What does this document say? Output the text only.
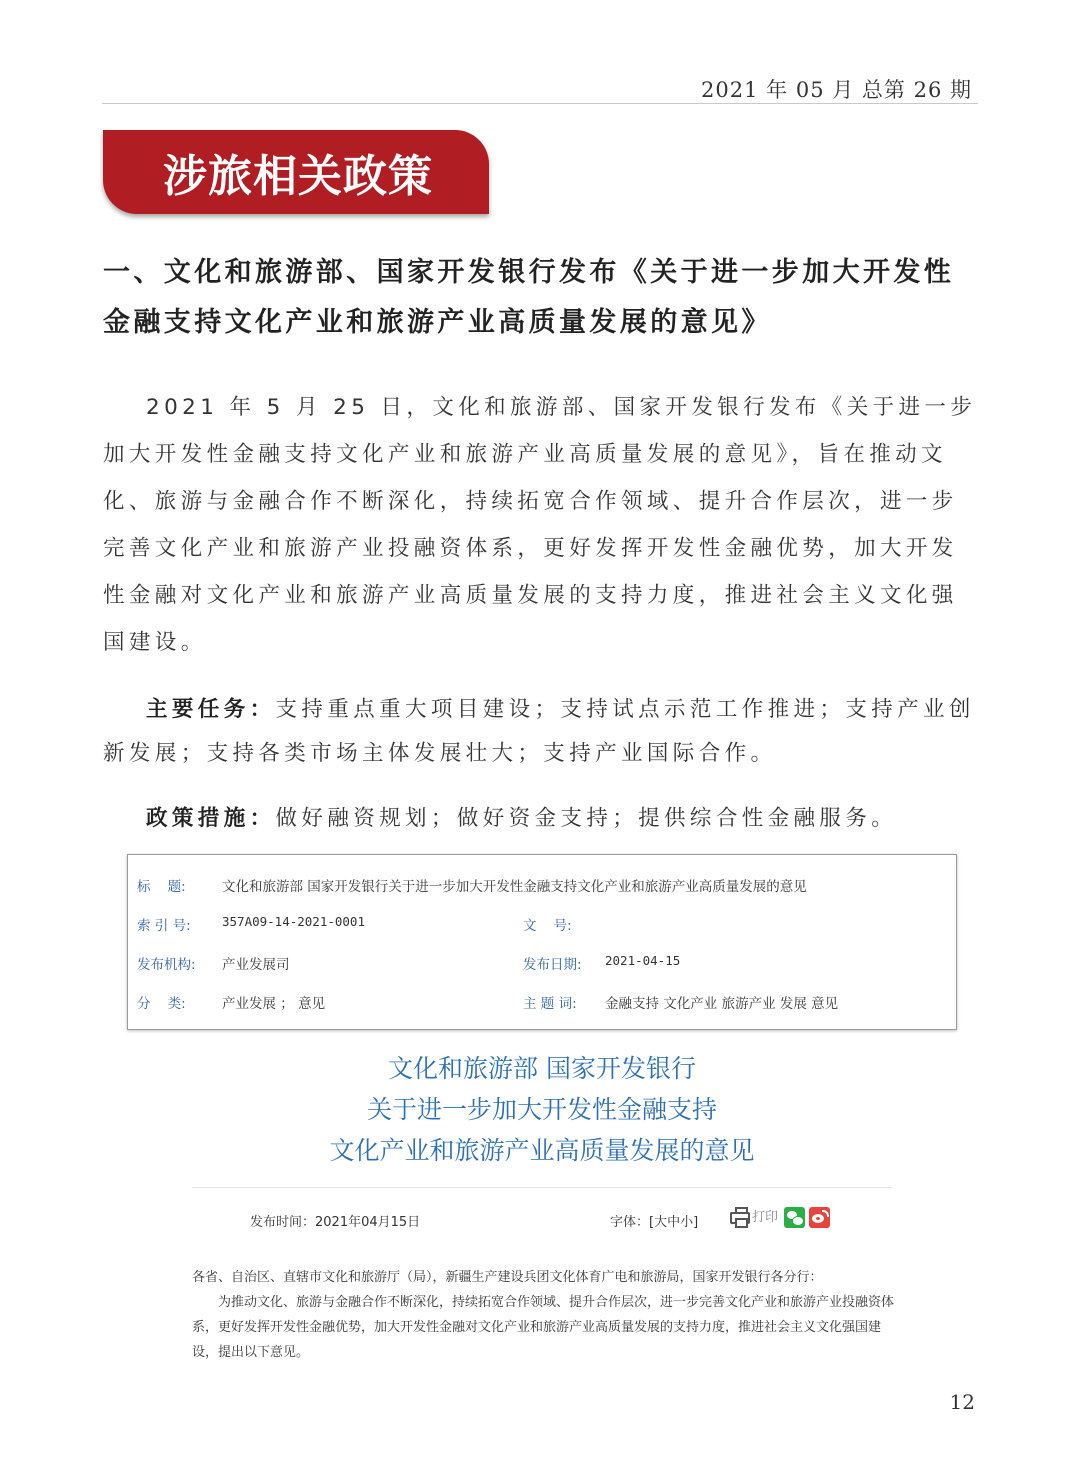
2021 年 05 月 总第 26 期
涉旅相关政策
一、文化和旅游部、国家开发银行发布《关于进一步加大开发性金融支持文化产业和旅游产业高质量发展的意见》

2021 年 5 月 25 日，文化和旅游部、国家开发银行发布《关于进一步加大开发性金融支持文化产业和旅游产业高质量发展的意见》，旨在推动文化、旅游与金融合作不断深化，持续拓宽合作领域、提升合作层次，进一步完善文化产业和旅游产业投融资体系，更好发挥开发性金融优势，加大开发性金融对文化产业和旅游产业高质量发展的支持力度，推进社会主义文化强国建设。

主要任务：支持重点重大项目建设；支持试点示范工作推进；支持产业创新发展；支持各类市场主体发展壮大；支持产业国际合作。

政策措施：做好融资规划；做好资金支持；提供综合性金融服务。

标    题:	文化和旅游部 国家开发银行关于进一步加大开发性金融支持文化产业和旅游产业高质量发展的意见
索 引 号:	357A09-14-2021-0001	文    号:
发布机构: 产业发展司	发布日期: 2021-04-15
分    类:	产业发展 ； 意见	主 题 词: 金融支持 文化产业 旅游产业 发展 意见
文化和旅游部 国家开发银行
关于进一步加大开发性金融支持
文化产业和旅游产业高质量发展的意见
发布时间：2021年04月15日	字体：[大中小]	打印

各省、自治区、直辖市文化和旅游厅（局），新疆生产建设兵团文化体育广电和旅游局，国家开发银行各分行：

为推动文化、旅游与金融合作不断深化，持续拓宽合作领域、提升合作层次，进一步完善文化产业和旅游产业投融资体系，更好发挥开发性金融优势，加大开发性金融对文化产业和旅游产业高质量发展的支持力度，推进社会主义文化强国建设，提出以下意见。

12
